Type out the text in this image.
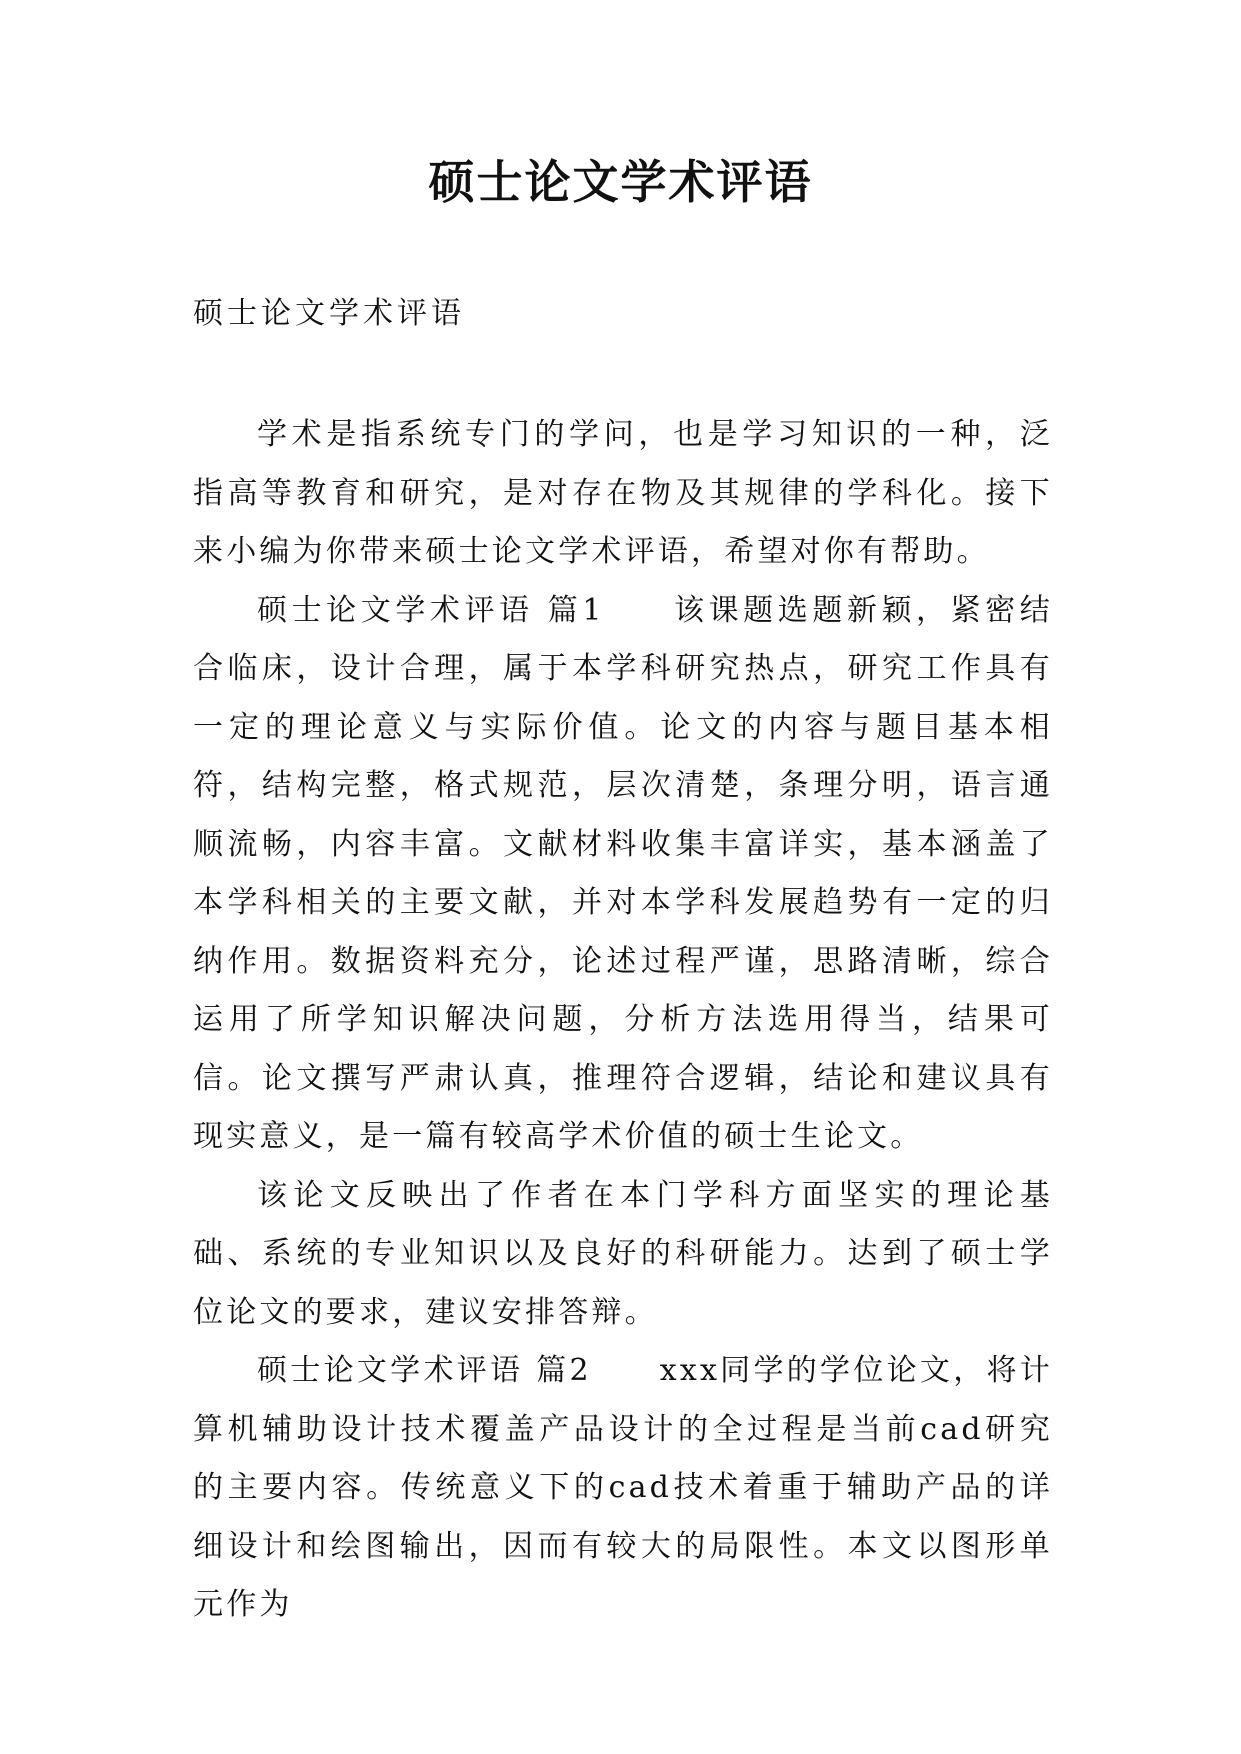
硕士论文学术评语
硕士论文学术评语

学术是指系统专门的学问，也是学习知识的一种，泛指高等教育和研究，是对存在物及其规律的学科化。接下来小编为你带来硕士论文学术评语，希望对你有帮助。

硕士论文学术评语 篇1 该课题选题新颖，紧密结合临床，设计合理，属于本学科研究热点，研究工作具有一定的理论意义与实际价值。论文的内容与题目基本相符，结构完整，格式规范，层次清楚，条理分明，语言通顺流畅，内容丰富。文献材料收集丰富详实，基本涵盖了本学科相关的主要文献，并对本学科发展趋势有一定的归纳作用。数据资料充分，论述过程严谨，思路清晰，综合运用了所学知识解决问题，分析方法选用得当，结果可信。论文撰写严肃认真，推理符合逻辑，结论和建议具有现实意义，是一篇有较高学术价值的硕士生论文。

该论文反映出了作者在本门学科方面坚实的理论基础、系统的专业知识以及良好的科研能力。达到了硕士学位论文的要求，建议安排答辩。

硕士论文学术评语 篇2 xxx同学的学位论文，将计算机辅助设计技术覆盖产品设计的全过程是当前cad研究的主要内容。传统意义下的cad技术着重于辅助产品的详细设计和绘图输出，因而有较大的局限性。本文以图形单元作为
